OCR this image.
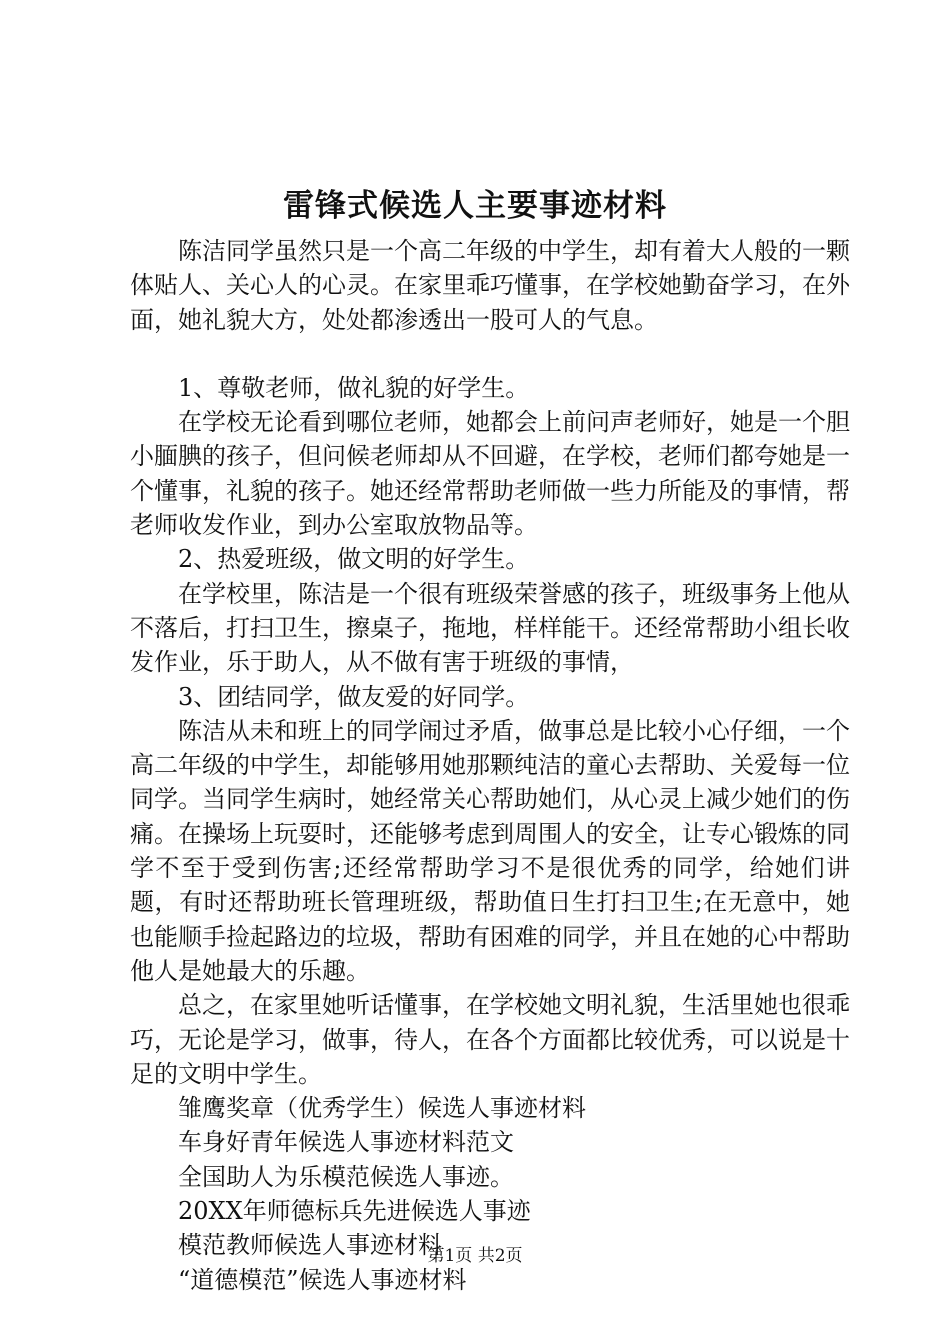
雷锋式候选人主要事迹材料

陈洁同学虽然只是一个高二年级的中学生，却有着大人般的一颗体贴人、关心人的心灵。在家里乖巧懂事，在学校她勤奋学习，在外面，她礼貌大方，处处都渗透出一股可人的气息。

1、尊敬老师，做礼貌的好学生。

在学校无论看到哪位老师，她都会上前问声老师好，她是一个胆小腼腆的孩子，但问候老师却从不回避，在学校，老师们都夸她是一个懂事，礼貌的孩子。她还经常帮助老师做一些力所能及的事情，帮老师收发作业，到办公室取放物品等。

2、热爱班级，做文明的好学生。

在学校里，陈洁是一个很有班级荣誉感的孩子，班级事务上他从不落后，打扫卫生，擦桌子，拖地，样样能干。还经常帮助小组长收发作业，乐于助人，从不做有害于班级的事情，

3、团结同学，做友爱的好同学。

陈洁从未和班上的同学闹过矛盾，做事总是比较小心仔细，一个高二年级的中学生，却能够用她那颗纯洁的童心去帮助、关爱每一位同学。当同学生病时，她经常关心帮助她们，从心灵上减少她们的伤痛。在操场上玩耍时，还能够考虑到周围人的安全，让专心锻炼的同学不至于受到伤害;还经常帮助学习不是很优秀的同学，给她们讲题，有时还帮助班长管理班级，帮助值日生打扫卫生;在无意中，她也能顺手捡起路边的垃圾，帮助有困难的同学，并且在她的心中帮助他人是她最大的乐趣。

总之，在家里她听话懂事，在学校她文明礼貌，生活里她也很乖巧，无论是学习，做事，待人，在各个方面都比较优秀，可以说是十足的文明中学生。

雏鹰奖章（优秀学生）候选人事迹材料

车身好青年候选人事迹材料范文

全国助人为乐模范候选人事迹。

20XX年师德标兵先进候选人事迹

模范教师候选人事迹材料

“道德模范”候选人事迹材料

第1页 共2页
